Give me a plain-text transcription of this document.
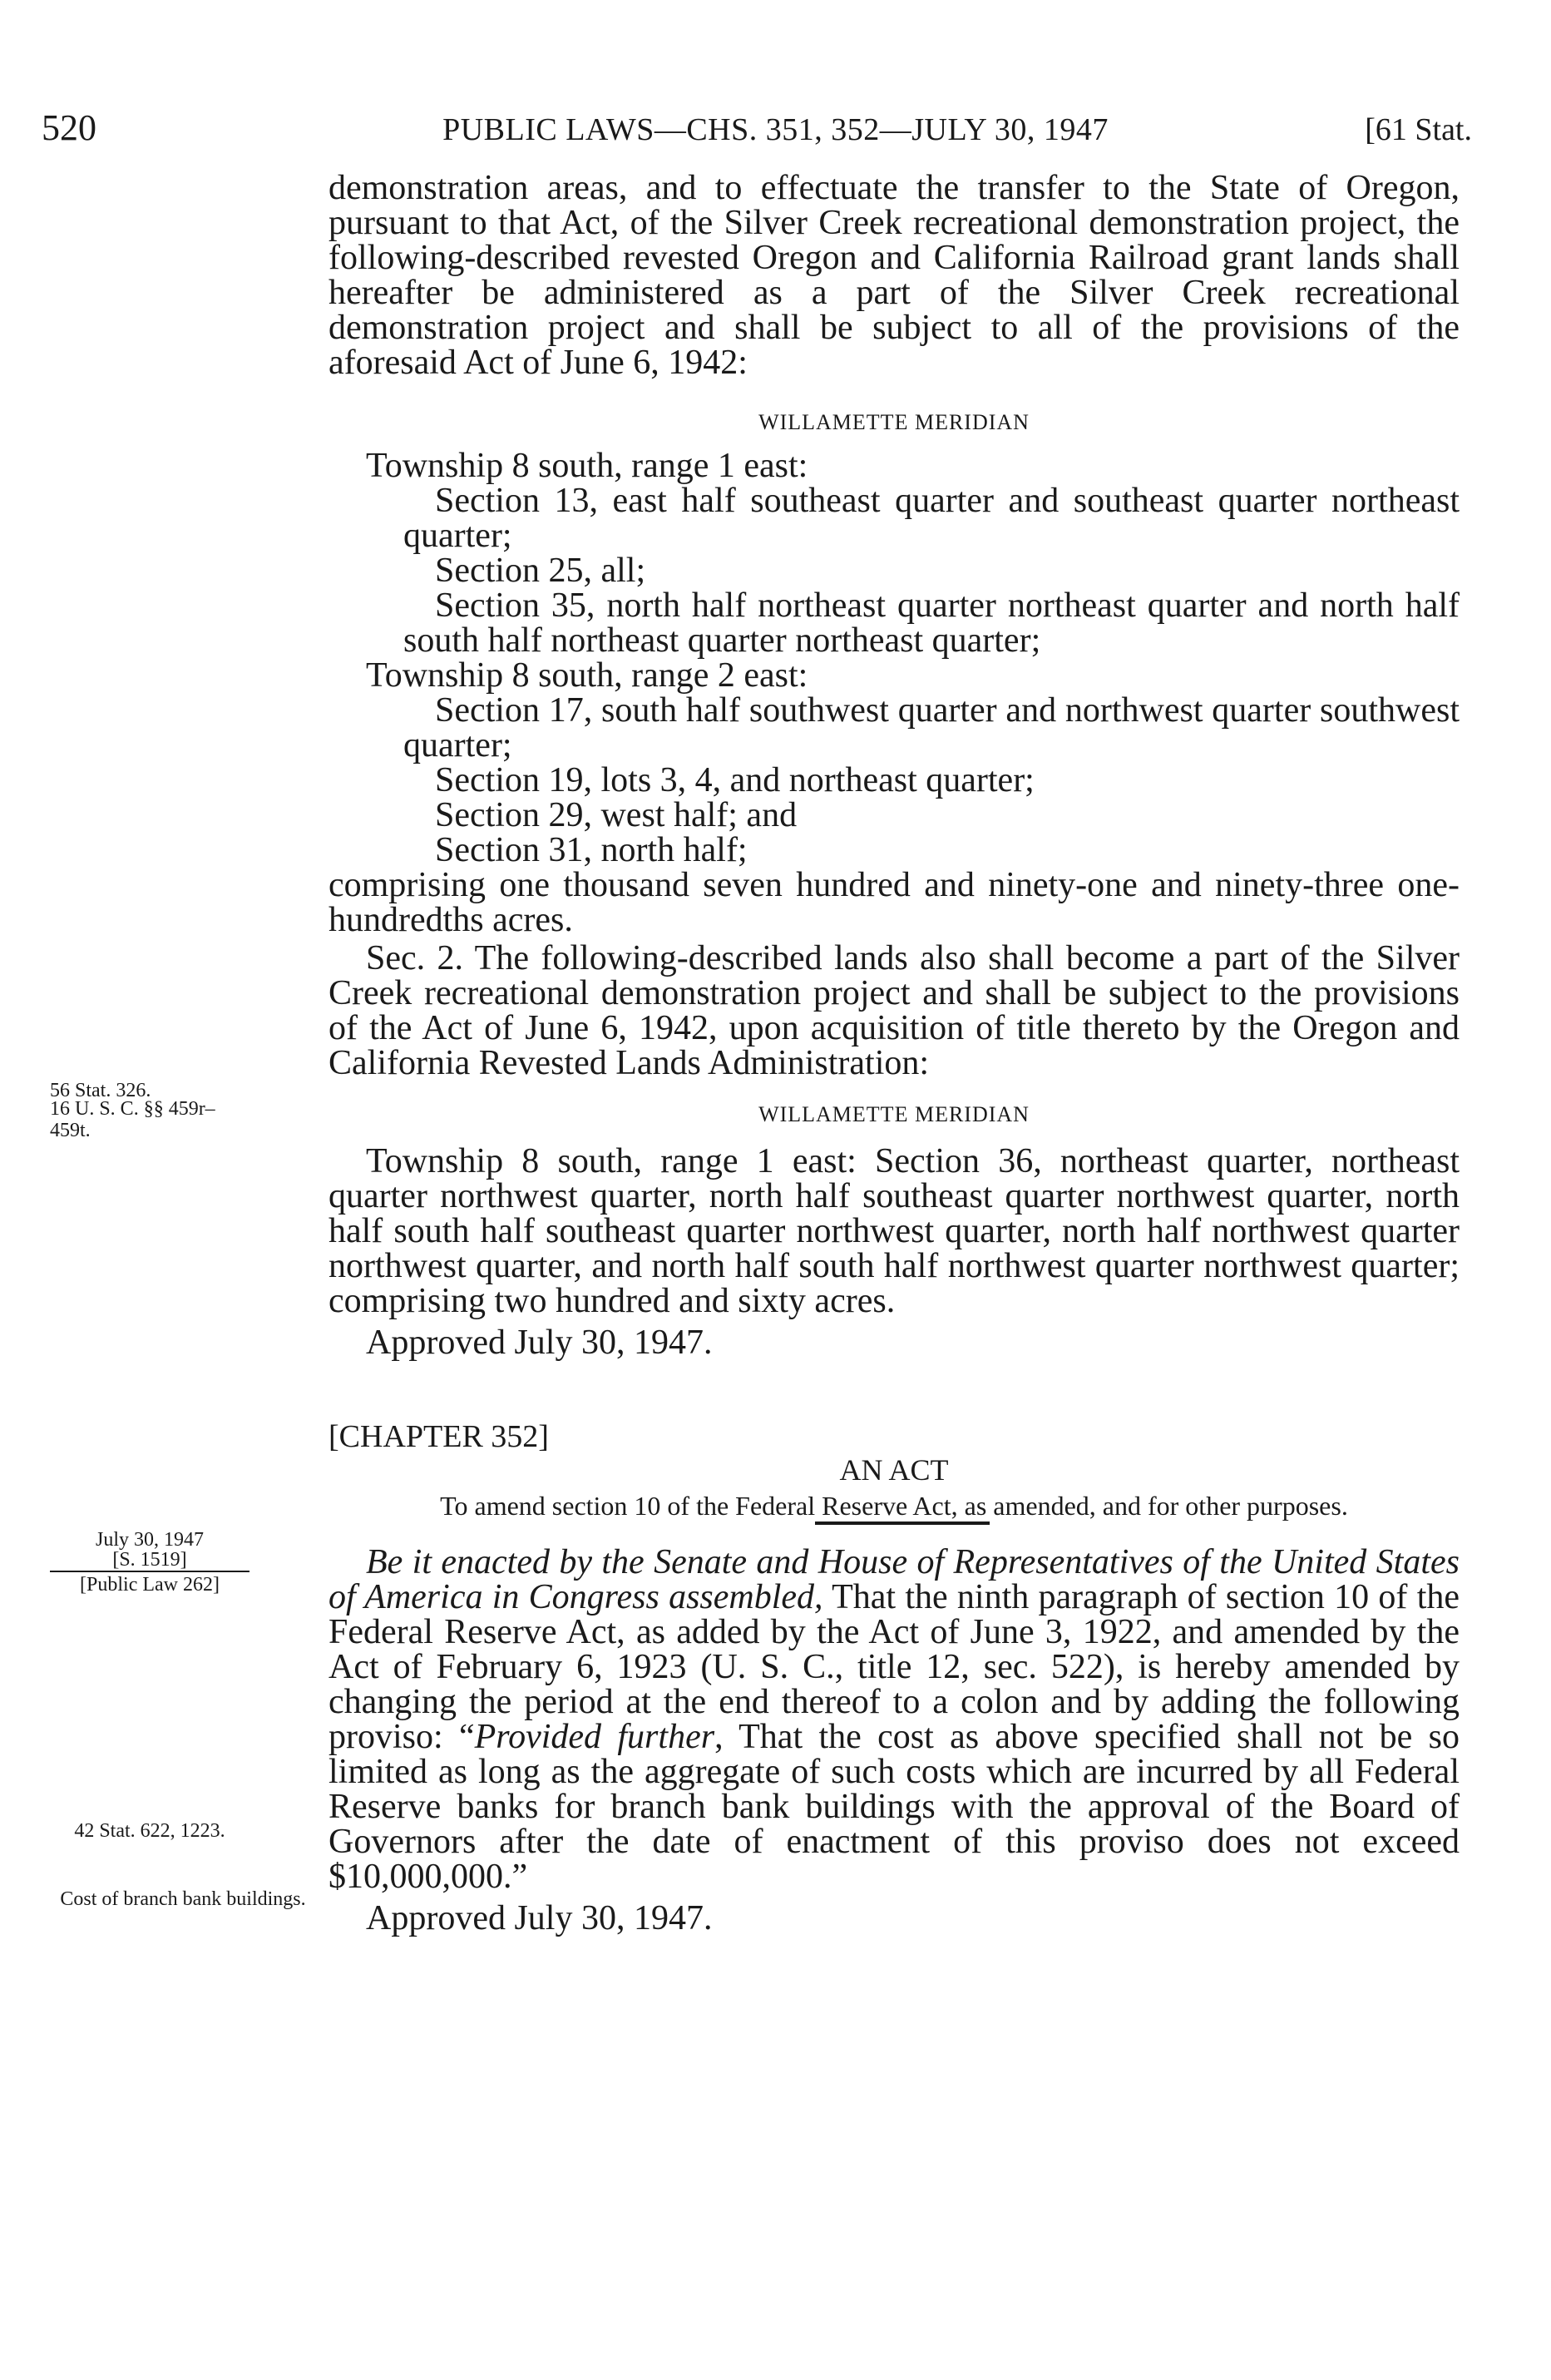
520	PUBLIC LAWS—CHS. 351, 352—JULY 30, 1947	[61 Stat.

demonstration areas, and to effectuate the transfer to the State of Oregon, pursuant to that Act, of the Silver Creek recreational demonstration project, the following-described revested Oregon and California Railroad grant lands shall hereafter be administered as a part of the Silver Creek recreational demonstration project and shall be subject to all of the provisions of the aforesaid Act of June 6, 1942:

WILLAMETTE MERIDIAN

Township 8 south, range 1 east:

Section 13, east half southeast quarter and southeast quarter northeast quarter;

Section 25, all;

Section 35, north half northeast quarter northeast quarter and north half south half northeast quarter northeast quarter;

Township 8 south, range 2 east:

Section 17, south half southwest quarter and northwest quarter southwest quarter;

Section 19, lots 3, 4, and northeast quarter;

Section 29, west half; and

Section 31, north half;

comprising one thousand seven hundred and ninety-one and ninety-three one-hundredths acres.

Sec. 2. The following-described lands also shall become a part of the Silver Creek recreational demonstration project and shall be subject to the provisions of the Act of June 6, 1942, upon acquisition of title thereto by the Oregon and California Revested Lands Administration:

WILLAMETTE MERIDIAN

Township 8 south, range 1 east: Section 36, northeast quarter, northeast quarter northwest quarter, north half southeast quarter northwest quarter, north half south half southeast quarter northwest quarter, north half northwest quarter northwest quarter, and north half south half northwest quarter northwest quarter; comprising two hundred and sixty acres.

Approved July 30, 1947.

[CHAPTER 352]

AN ACT

To amend section 10 of the Federal Reserve Act, as amended, and for other purposes.

Be it enacted by the Senate and House of Representatives of the United States of America in Congress assembled, That the ninth paragraph of section 10 of the Federal Reserve Act, as added by the Act of June 3, 1922, and amended by the Act of February 6, 1923 (U. S. C., title 12, sec. 522), is hereby amended by changing the period at the end thereof to a colon and by adding the following proviso: “Provided further, That the cost as above specified shall not be so limited as long as the aggregate of such costs which are incurred by all Federal Reserve banks for branch bank buildings with the approval of the Board of Governors after the date of enactment of this proviso does not exceed $10,000,000.”

Approved July 30, 1947.

56 Stat. 326.
16 U. S. C. §§ 459r–459t.
July 30, 1947
[S. 1519]
[Public Law 262]
42 Stat. 622, 1223.
Cost of branch bank buildings.
